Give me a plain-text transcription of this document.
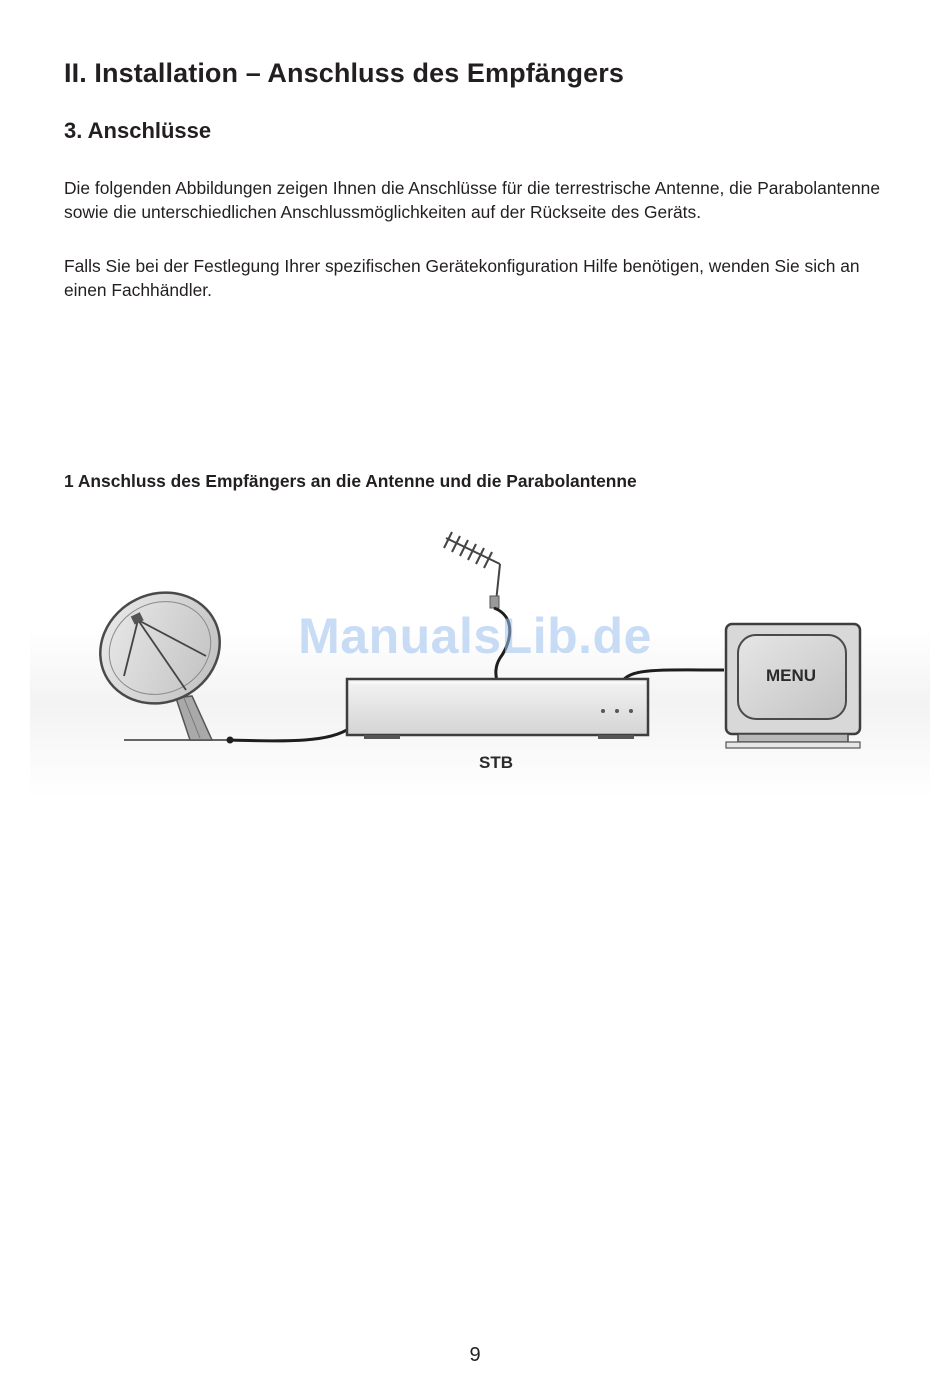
II. Installation – Anschluss des Empfängers
3. Anschlüsse

Die folgenden Abbildungen zeigen Ihnen die Anschlüsse für die terrestrische Antenne, die Parabolantenne sowie die unterschiedlichen Anschlussmöglichkeiten auf der Rückseite des Geräts.

Falls Sie bei der Festlegung Ihrer spezifischen Gerätekonfiguration Hilfe benötigen, wenden Sie sich an einen Fachhändler.

1 Anschluss des Empfängers an die Antenne und die Parabolantenne

STB
MENU
ManualsLib.de
9
